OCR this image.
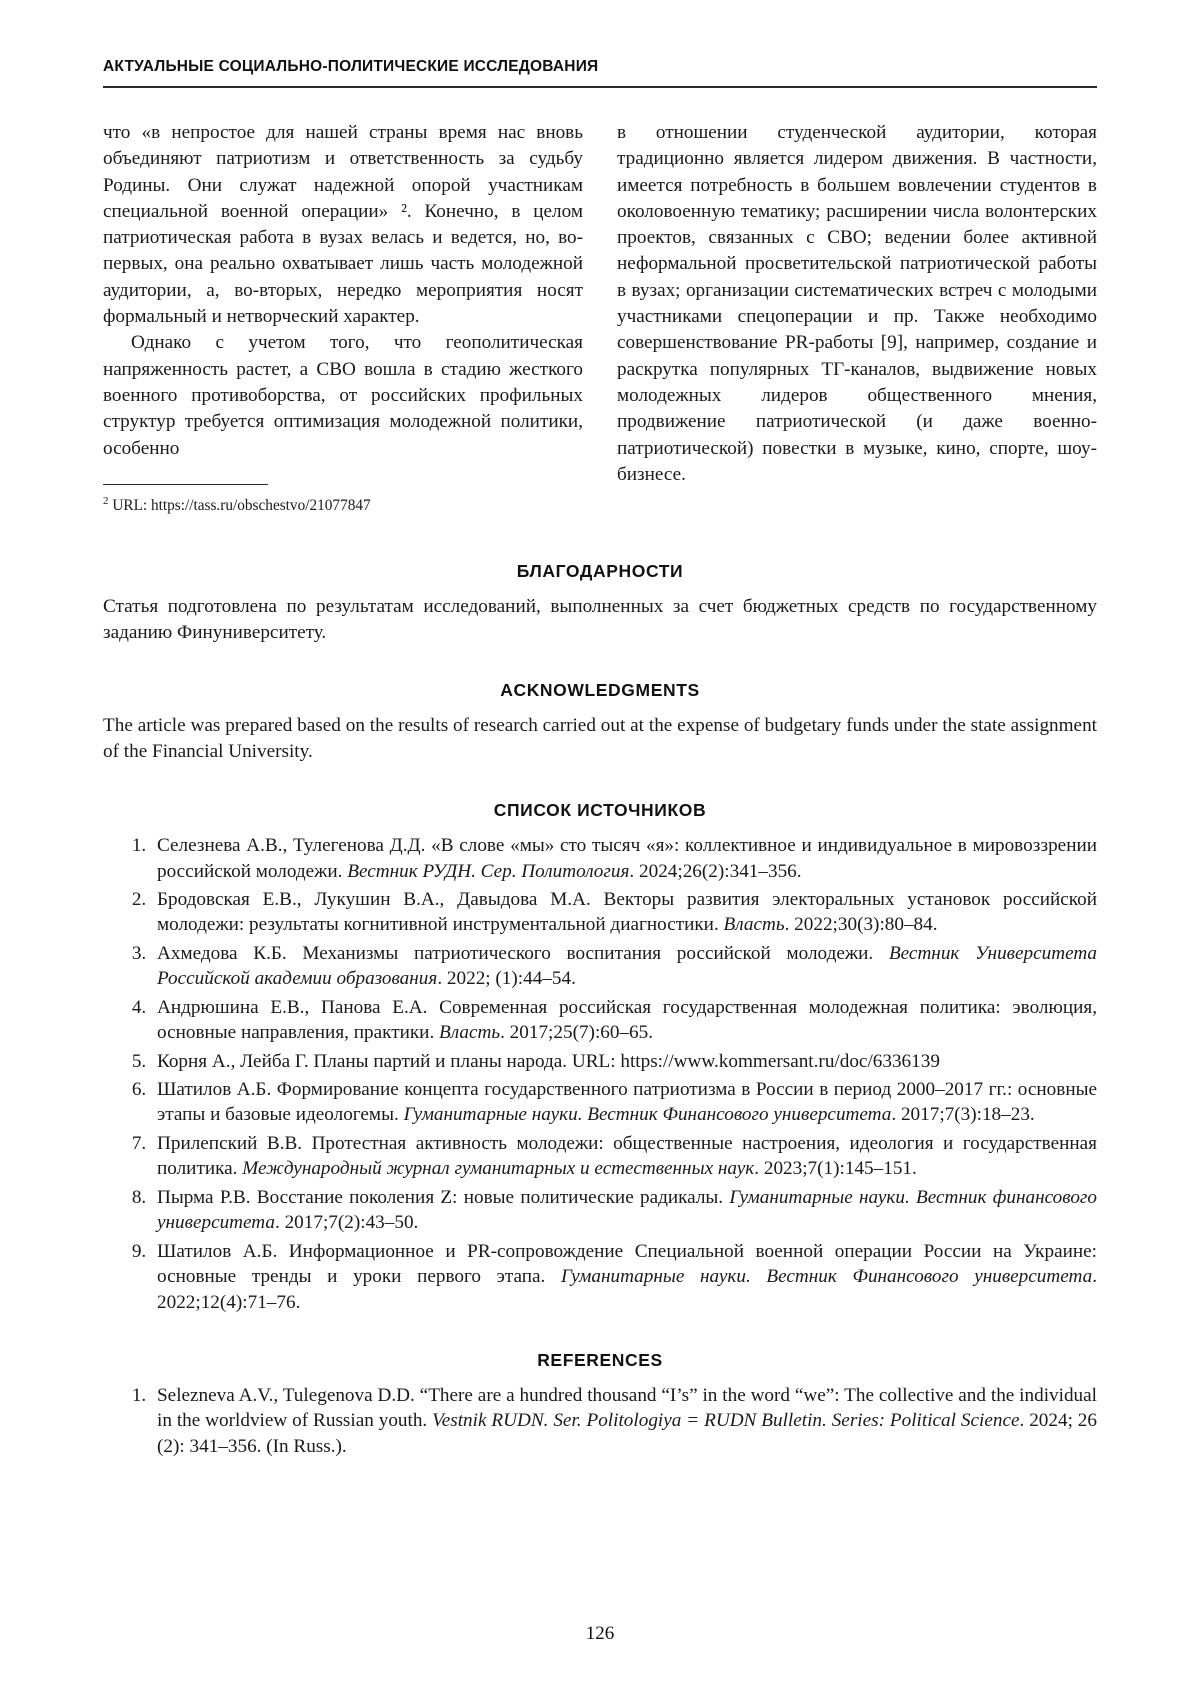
АКТУАЛЬНЫЕ СОЦИАЛЬНО-ПОЛИТИЧЕСКИЕ ИССЛЕДОВАНИЯ

что «в непростое для нашей страны время нас вновь объединяют патриотизм и ответственность за судьбу Родины. Они служат надежной опорой участникам специальной военной операции» ². Конечно, в целом патриотическая работа в вузах велась и ведется, но, во-первых, она реально охватывает лишь часть молодежной аудитории, а, во-вторых, нередко мероприятия носят формальный и нетворческий характер.

Однако с учетом того, что геополитическая напряженность растет, а СВО вошла в стадию жесткого военного противоборства, от российских профильных структур требуется оптимизация молодежной политики, особенно

$^2$ URL: https://tass.ru/obschestvo/21077847

в отношении студенческой аудитории, которая традиционно является лидером движения. В частности, имеется потребность в большем вовлечении студентов в околовоенную тематику; расширении числа волонтерских проектов, связанных с СВО; ведении более активной неформальной просветительской патриотической работы в вузах; организации систематических встреч с молодыми участниками спецоперации и пр. Также необходимо совершенствование PR-работы [9], например, создание и раскрутка популярных ТГ-каналов, выдвижение новых молодежных лидеров общественного мнения, продвижение патриотической (и даже военно-патриотической) повестки в музыке, кино, спорте, шоу-бизнесе.

БЛАГОДАРНОСТИ

Статья подготовлена по результатам исследований, выполненных за счет бюджетных средств по государственному заданию Финуниверситету.

ACKNOWLEDGMENTS

The article was prepared based on the results of research carried out at the expense of budgetary funds under the state assignment of the Financial University.

СПИСОК ИСТОЧНИКОВ
1. Селезнева А.В., Тулегенова Д.Д. «В слове «мы» сто тысяч «я»: коллективное и индивидуальное в мировоззрении российской молодежи. Вестник РУДН. Сер. Политология. 2024;26(2):341–356.
2. Бродовская Е.В., Лукушин В.А., Давыдова М.А. Векторы развития электоральных установок российской молодежи: результаты когнитивной инструментальной диагностики. Власть. 2022;30(3):80–84.
3. Ахмедова К.Б. Механизмы патриотического воспитания российской молодежи. Вестник Университета Российской академии образования. 2022; (1):44–54.
4. Андрюшина Е.В., Панова Е.А. Современная российская государственная молодежная политика: эволюция, основные направления, практики. Власть. 2017;25(7):60–65.
5. Корня А., Лейба Г. Планы партий и планы народа. URL: https://www.kommersant.ru/doc/6336139
6. Шатилов А.Б. Формирование концепта государственного патриотизма в России в период 2000–2017 гг.: основные этапы и базовые идеологемы. Гуманитарные науки. Вестник Финансового университета. 2017;7(3):18–23.
7. Прилепский В.В. Протестная активность молодежи: общественные настроения, идеология и государственная политика. Международный журнал гуманитарных и естественных наук. 2023;7(1):145–151.
8. Пырма Р.В. Восстание поколения Z: новые политические радикалы. Гуманитарные науки. Вестник финансового университета. 2017;7(2):43–50.
9. Шатилов А.Б. Информационное и PR-сопровождение Специальной военной операции России на Украине: основные тренды и уроки первого этапа. Гуманитарные науки. Вестник Финансового университета. 2022;12(4):71–76.
REFERENCES
1. Selezneva A.V., Tulegenova D.D. “There are a hundred thousand “I’s” in the word “we”: The collective and the individual in the worldview of Russian youth. Vestnik RUDN. Ser. Politologiya = RUDN Bulletin. Series: Political Science. 2024; 26 (2): 341–356. (In Russ.).
126
